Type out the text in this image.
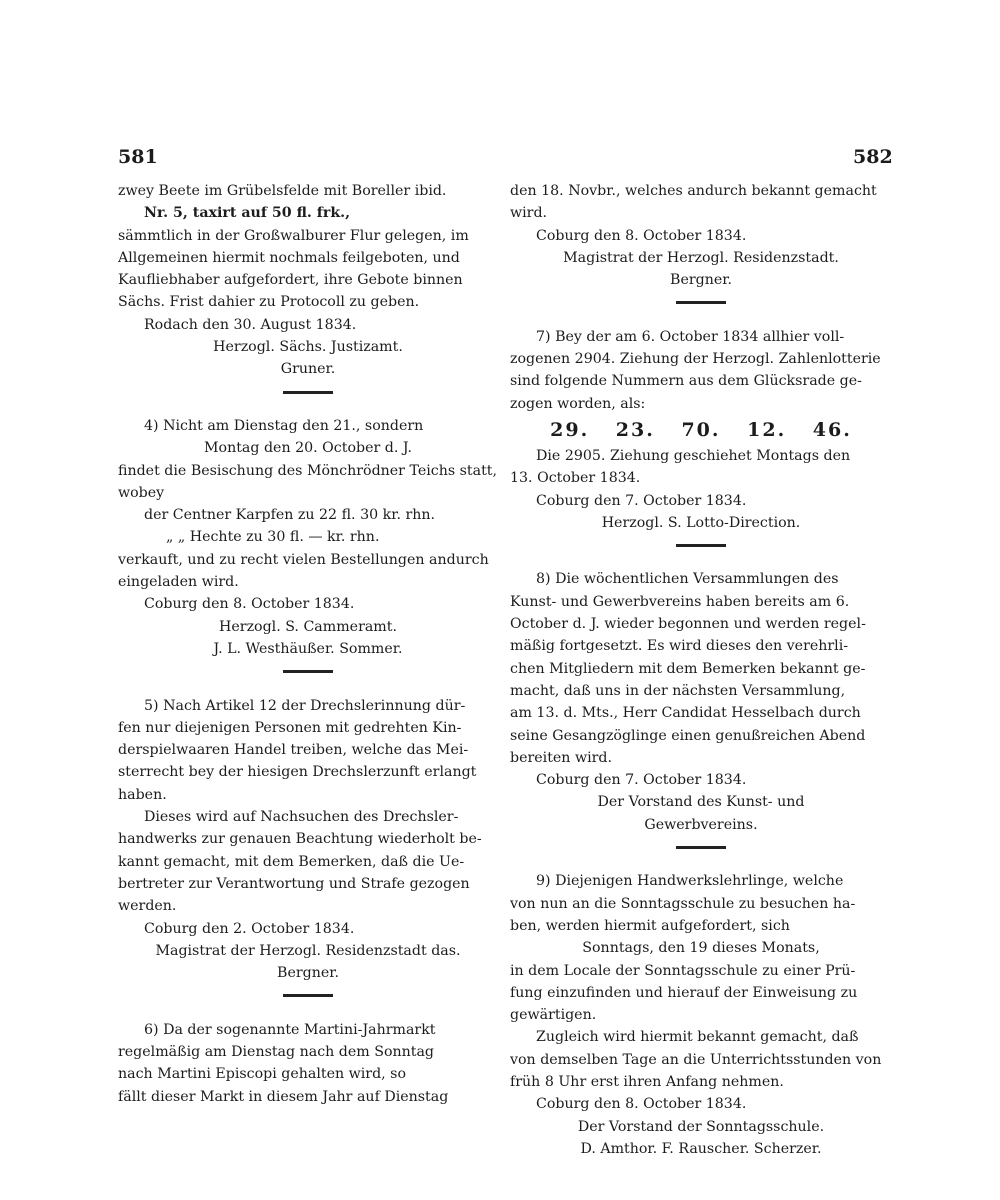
581	582
zwey Beete im Grübelsfelde mit Boreller ibid.
Nr. 5, taxirt auf 50 fl. frk.,
sämmtlich in der Großwalburer Flur gelegen, im
Allgemeinen hiermit nochmals feilgeboten, und
Kaufliebhaber aufgefordert, ihre Gebote binnen
Sächs. Frist dahier zu Protocoll zu geben.
Rodach den 30. August 1834.
Herzogl. Sächs. Justizamt.
Gruner.
4) Nicht am Dienstag den 21., sondern
Montag den 20. October d. J.
findet die Besischung des Mönchrödner Teichs statt,
wobey
der Centner Karpfen zu 22 fl. 30 kr. rhn.
„ „ Hechte zu 30 fl. — kr. rhn.
verkauft, und zu recht vielen Bestellungen andurch
eingeladen wird.
Coburg den 8. October 1834.
Herzogl. S. Cammeramt.
J. L. Westhäußer. Sommer.
5) Nach Artikel 12 der Drechslerinnung dür-
fen nur diejenigen Personen mit gedrehten Kin-
derspielwaaren Handel treiben, welche das Mei-
sterrecht bey der hiesigen Drechslerzunft erlangt
haben.
Dieses wird auf Nachsuchen des Drechsler-
handwerks zur genauen Beachtung wiederholt be-
kannt gemacht, mit dem Bemerken, daß die Ue-
bertreter zur Verantwortung und Strafe gezogen
werden.
Coburg den 2. October 1834.
Magistrat der Herzogl. Residenzstadt das.
Bergner.
6) Da der sogenannte Martini-Jahrmarkt
regelmäßig am Dienstag nach dem Sonntag
nach Martini Episcopi gehalten wird, so
fällt dieser Markt in diesem Jahr auf Dienstag
den 18. Novbr., welches andurch bekannt gemacht
wird.
Coburg den 8. October 1834.
Magistrat der Herzogl. Residenzstadt.
Bergner.
7) Bey der am 6. October 1834 allhier voll-
zogenen 2904. Ziehung der Herzogl. Zahlenlotterie
sind folgende Nummern aus dem Glücksrade ge-
zogen worden, als:
29. 23. 70. 12. 46.
Die 2905. Ziehung geschiehet Montags den
13. October 1834.
Coburg den 7. October 1834.
Herzogl. S. Lotto-Direction.
8) Die wöchentlichen Versammlungen des
Kunst- und Gewerbvereins haben bereits am 6.
October d. J. wieder begonnen und werden regel-
mäßig fortgesetzt. Es wird dieses den verehrli-
chen Mitgliedern mit dem Bemerken bekannt ge-
macht, daß uns in der nächsten Versammlung,
am 13. d. Mts., Herr Candidat Hesselbach durch
seine Gesangzöglinge einen genußreichen Abend
bereiten wird.
Coburg den 7. October 1834.
Der Vorstand des Kunst- und
Gewerbvereins.
9) Diejenigen Handwerkslehrlinge, welche
von nun an die Sonntagsschule zu besuchen ha-
ben, werden hiermit aufgefordert, sich
Sonntags, den 19 dieses Monats,
in dem Locale der Sonntagsschule zu einer Prü-
fung einzufinden und hierauf der Einweisung zu
gewärtigen.
Zugleich wird hiermit bekannt gemacht, daß
von demselben Tage an die Unterrichtsstunden von
früh 8 Uhr erst ihren Anfang nehmen.
Coburg den 8. October 1834.
Der Vorstand der Sonntagsschule.
D. Amthor. F. Rauscher. Scherzer.
